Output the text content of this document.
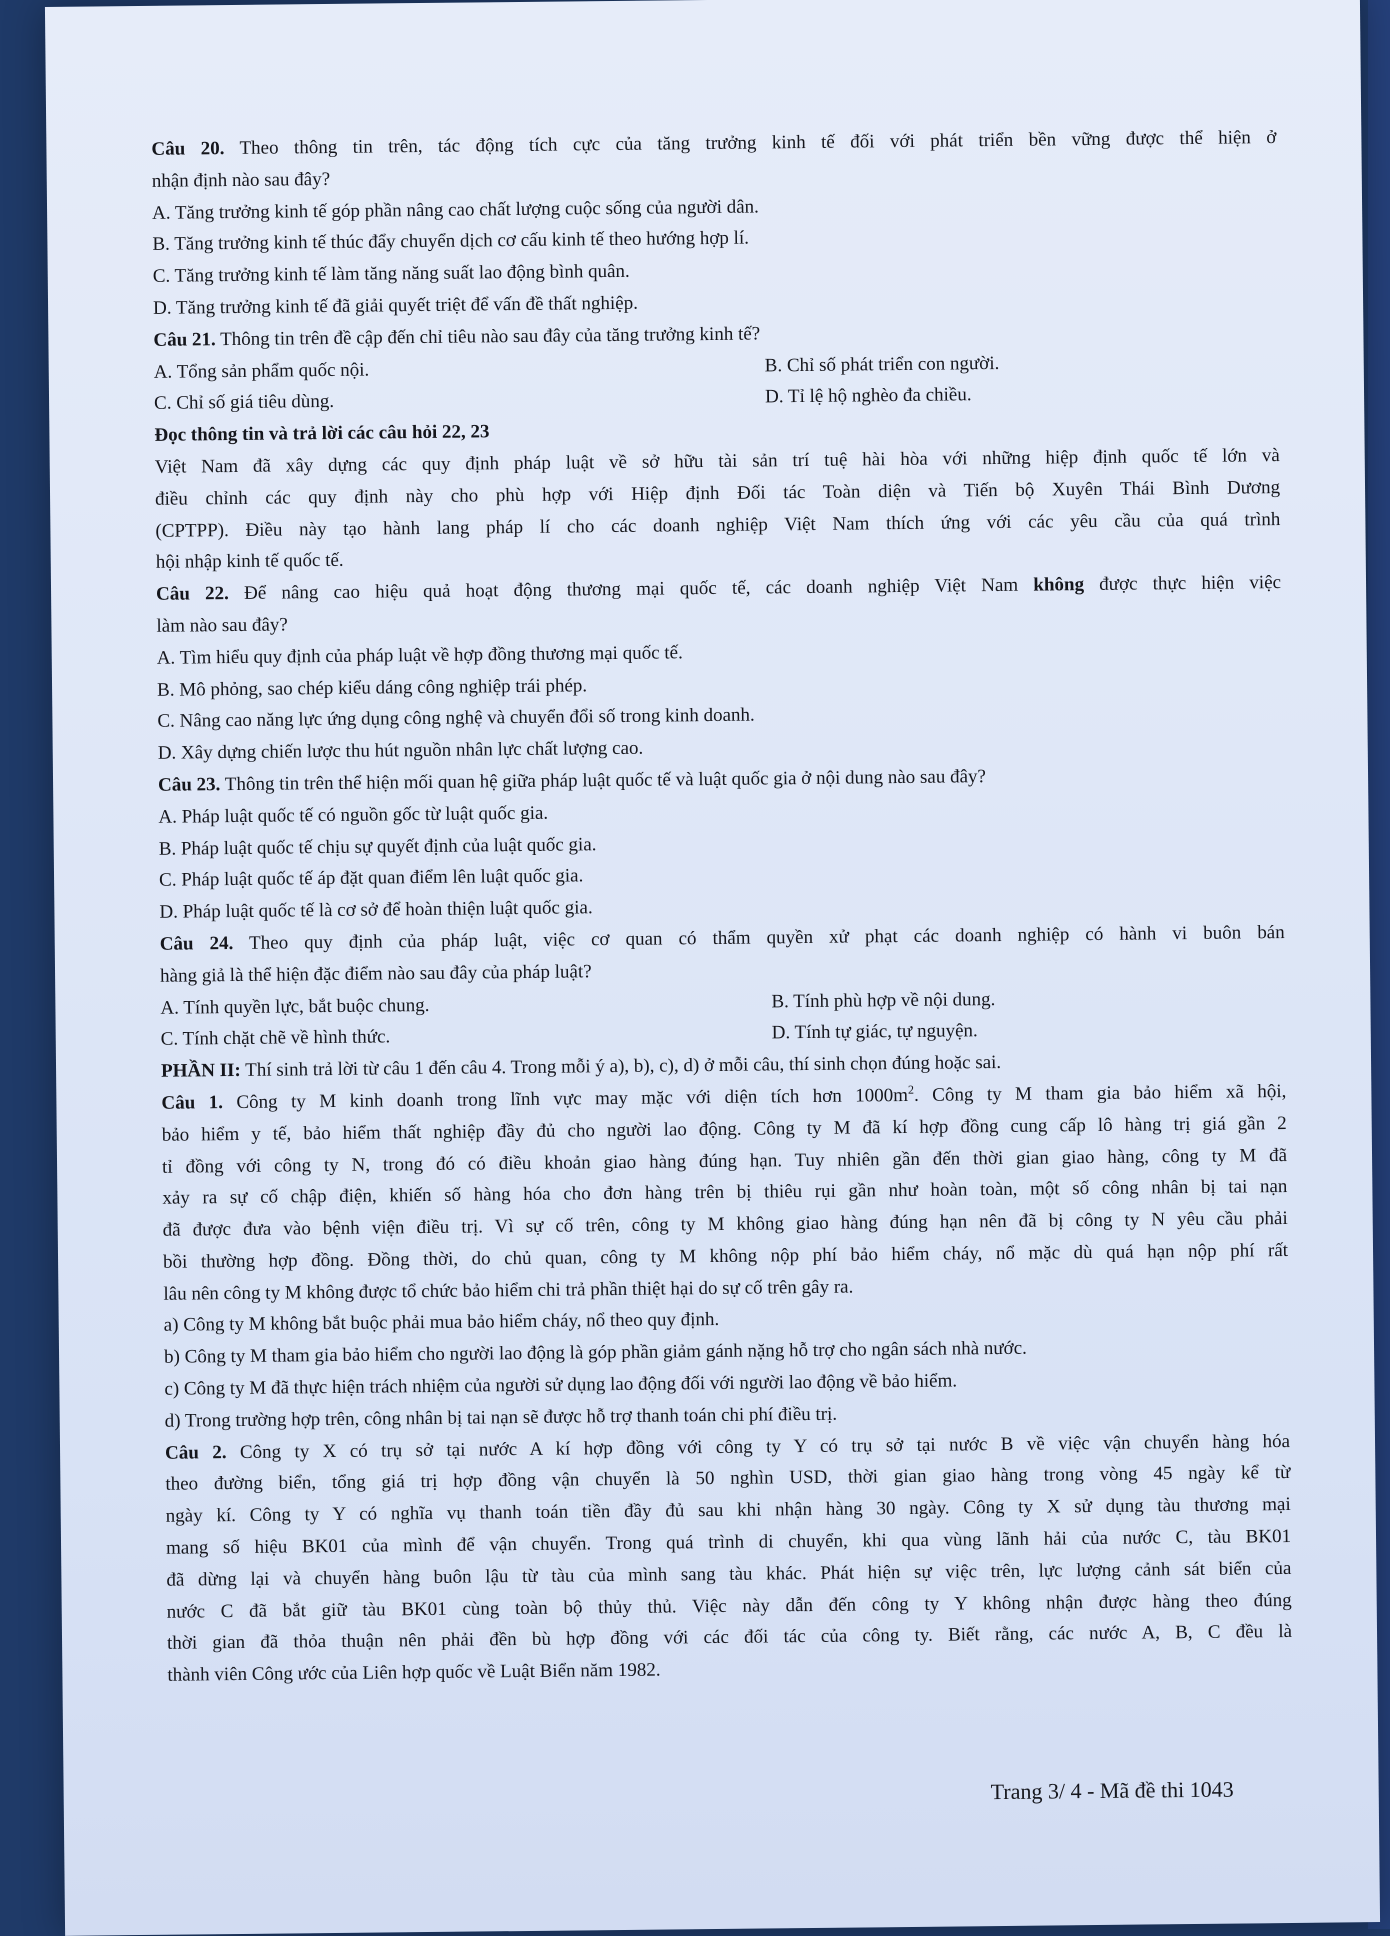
Câu 20. Theo thông tin trên, tác động tích cực của tăng trưởng kinh tế đối với phát triển bền vững được thể hiện ở
nhận định nào sau đây?
A. Tăng trưởng kinh tế góp phần nâng cao chất lượng cuộc sống của người dân.
B. Tăng trưởng kinh tế thúc đẩy chuyển dịch cơ cấu kinh tế theo hướng hợp lí.
C. Tăng trưởng kinh tế làm tăng năng suất lao động bình quân.
D. Tăng trưởng kinh tế đã giải quyết triệt để vấn đề thất nghiệp.
Câu 21. Thông tin trên đề cập đến chỉ tiêu nào sau đây của tăng trưởng kinh tế?
A. Tổng sản phẩm quốc nội.	B. Chỉ số phát triển con người.
C. Chỉ số giá tiêu dùng.	D. Tỉ lệ hộ nghèo đa chiều.
Đọc thông tin và trả lời các câu hỏi 22, 23
Việt Nam đã xây dựng các quy định pháp luật về sở hữu tài sản trí tuệ hài hòa với những hiệp định quốc tế lớn và
điều chỉnh các quy định này cho phù hợp với Hiệp định Đối tác Toàn diện và Tiến bộ Xuyên Thái Bình Dương
(CPTPP). Điều này tạo hành lang pháp lí cho các doanh nghiệp Việt Nam thích ứng với các yêu cầu của quá trình
hội nhập kinh tế quốc tế.
Câu 22. Để nâng cao hiệu quả hoạt động thương mại quốc tế, các doanh nghiệp Việt Nam không được thực hiện việc
làm nào sau đây?
A. Tìm hiểu quy định của pháp luật về hợp đồng thương mại quốc tế.
B. Mô phỏng, sao chép kiểu dáng công nghiệp trái phép.
C. Nâng cao năng lực ứng dụng công nghệ và chuyển đổi số trong kinh doanh.
D. Xây dựng chiến lược thu hút nguồn nhân lực chất lượng cao.
Câu 23. Thông tin trên thể hiện mối quan hệ giữa pháp luật quốc tế và luật quốc gia ở nội dung nào sau đây?
A. Pháp luật quốc tế có nguồn gốc từ luật quốc gia.
B. Pháp luật quốc tế chịu sự quyết định của luật quốc gia.
C. Pháp luật quốc tế áp đặt quan điểm lên luật quốc gia.
D. Pháp luật quốc tế là cơ sở để hoàn thiện luật quốc gia.
Câu 24. Theo quy định của pháp luật, việc cơ quan có thẩm quyền xử phạt các doanh nghiệp có hành vi buôn bán
hàng giả là thể hiện đặc điểm nào sau đây của pháp luật?
A. Tính quyền lực, bắt buộc chung.	B. Tính phù hợp về nội dung.
C. Tính chặt chẽ về hình thức.	D. Tính tự giác, tự nguyện.
PHẦN II: Thí sinh trả lời từ câu 1 đến câu 4. Trong mỗi ý a), b), c), d) ở mỗi câu, thí sinh chọn đúng hoặc sai.
Câu 1. Công ty M kinh doanh trong lĩnh vực may mặc với diện tích hơn $1000m^2$. Công ty M tham gia bảo hiểm xã hội,
bảo hiểm y tế, bảo hiểm thất nghiệp đầy đủ cho người lao động. Công ty M đã kí hợp đồng cung cấp lô hàng trị giá gần 2
tỉ đồng với công ty N, trong đó có điều khoản giao hàng đúng hạn. Tuy nhiên gần đến thời gian giao hàng, công ty M đã
xảy ra sự cố chập điện, khiến số hàng hóa cho đơn hàng trên bị thiêu rụi gần như hoàn toàn, một số công nhân bị tai nạn
đã được đưa vào bệnh viện điều trị. Vì sự cố trên, công ty M không giao hàng đúng hạn nên đã bị công ty N yêu cầu phải
bồi thường hợp đồng. Đồng thời, do chủ quan, công ty M không nộp phí bảo hiểm cháy, nổ mặc dù quá hạn nộp phí rất
lâu nên công ty M không được tổ chức bảo hiểm chi trả phần thiệt hại do sự cố trên gây ra.
a) Công ty M không bắt buộc phải mua bảo hiểm cháy, nổ theo quy định.
b) Công ty M tham gia bảo hiểm cho người lao động là góp phần giảm gánh nặng hỗ trợ cho ngân sách nhà nước.
c) Công ty M đã thực hiện trách nhiệm của người sử dụng lao động đối với người lao động về bảo hiểm.
d) Trong trường hợp trên, công nhân bị tai nạn sẽ được hỗ trợ thanh toán chi phí điều trị.
Câu 2. Công ty X có trụ sở tại nước A kí hợp đồng với công ty Y có trụ sở tại nước B về việc vận chuyển hàng hóa
theo đường biển, tổng giá trị hợp đồng vận chuyển là 50 nghìn USD, thời gian giao hàng trong vòng 45 ngày kể từ
ngày kí. Công ty Y có nghĩa vụ thanh toán tiền đầy đủ sau khi nhận hàng 30 ngày. Công ty X sử dụng tàu thương mại
mang số hiệu BK01 của mình để vận chuyển. Trong quá trình di chuyển, khi qua vùng lãnh hải của nước C, tàu BK01
đã dừng lại và chuyển hàng buôn lậu từ tàu của mình sang tàu khác. Phát hiện sự việc trên, lực lượng cảnh sát biển của
nước C đã bắt giữ tàu BK01 cùng toàn bộ thủy thủ. Việc này dẫn đến công ty Y không nhận được hàng theo đúng
thời gian đã thỏa thuận nên phải đền bù hợp đồng với các đối tác của công ty. Biết rằng, các nước A, B, C đều là
thành viên Công ước của Liên hợp quốc về Luật Biển năm 1982.
Trang 3/ 4 - Mã đề thi 1043
